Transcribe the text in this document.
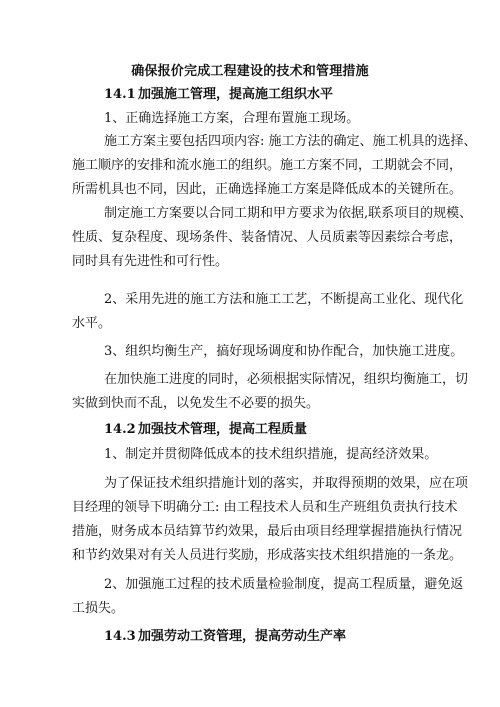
确保报价完成工程建设的技术和管理措施
14.1 加强施工管理，提高施工组织水平
1、正确选择施工方案，合理布置施工现场。
施工方案主要包括四项内容: 施工方法的确定、施工机具的选择、
施工顺序的安排和流水施工的组织。施工方案不同，工期就会不同，
所需机具也不同，因此，正确选择施工方案是降低成本的关键所在。
制定施工方案要以合同工期和甲方要求为依据,联系项目的规模、
性质、复杂程度、现场条件、装备情况、人员质素等因素综合考虑，
同时具有先进性和可行性。
2、采用先进的施工方法和施工工艺，不断提高工业化、现代化
水平。
3、组织均衡生产，搞好现场调度和协作配合，加快施工进度。
在加快施工进度的同时，必须根据实际情况，组织均衡施工，切
实做到快而不乱，以免发生不必要的损失。
14.2 加强技术管理，提高工程质量
1、制定并贯彻降低成本的技术组织措施，提高经济效果。
为了保证技术组织措施计划的落实，并取得预期的效果，应在项
目经理的领导下明确分工: 由工程技术人员和生产班组负责执行技术
措施，财务成本员结算节约效果，最后由项目经理掌握措施执行情况
和节约效果对有关人员进行奖励，形成落实技术组织措施的一条龙。
2、加强施工过程的技术质量检验制度，提高工程质量，避免返
工损失。
14.3 加强劳动工资管理，提高劳动生产率
